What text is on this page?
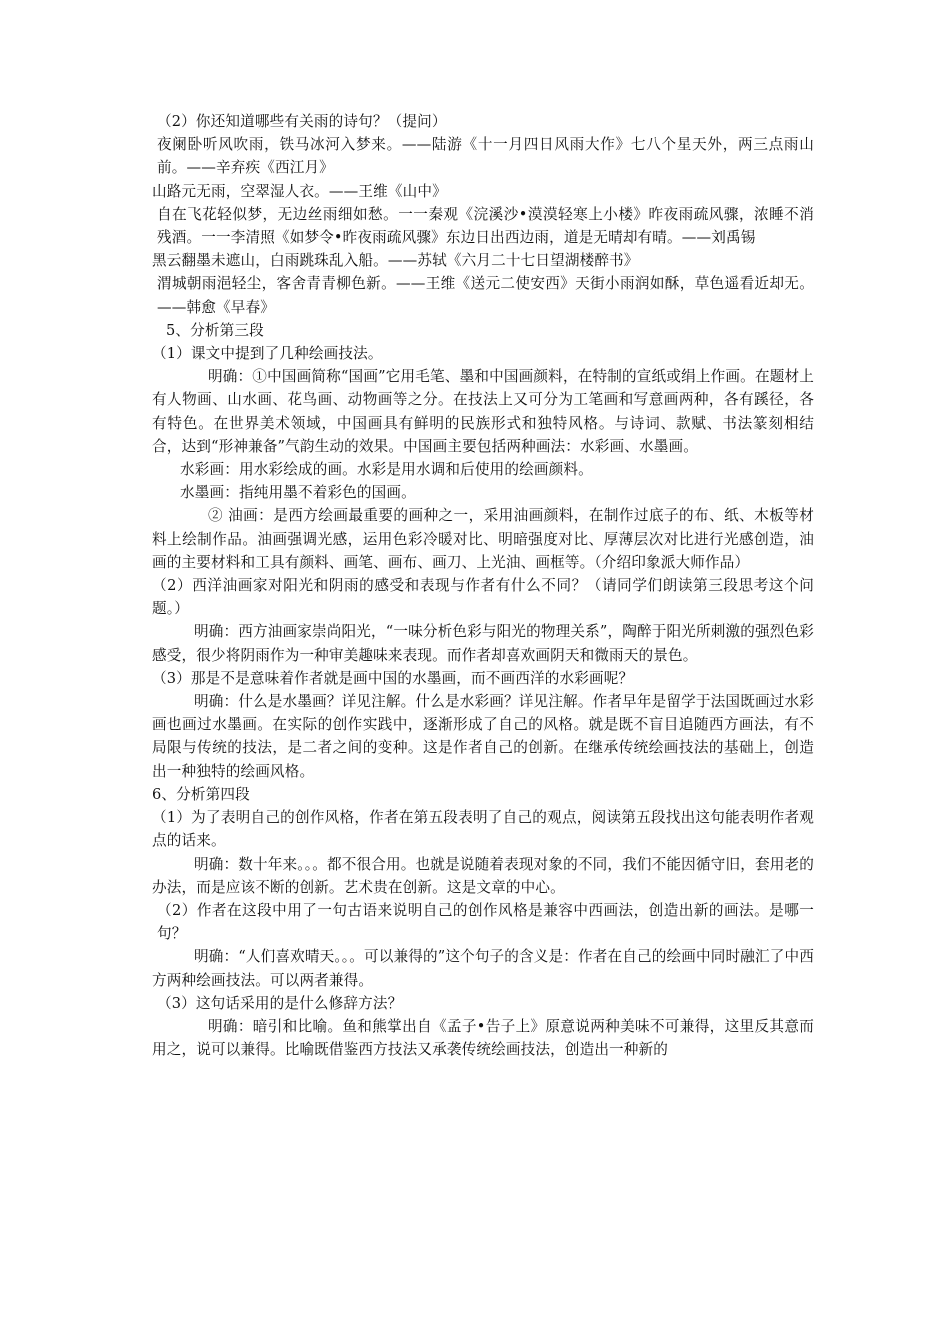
（2）你还知道哪些有关雨的诗句？（提问）

夜阑卧听风吹雨，铁马冰河入梦来。——陆游《十一月四日风雨大作》七八个星天外，两三点雨山前。——辛弃疾《西江月》

山路元无雨，空翠湿人衣。——王维《山中》

自在飞花轻似梦，无边丝雨细如愁。一一秦观《浣溪沙•漠漠轻寒上小楼》昨夜雨疏风骤，浓睡不消残酒。一一李清照《如梦令•昨夜雨疏风骤》东边日出西边雨，道是无晴却有晴。——刘禹锡

黑云翻墨未遮山，白雨跳珠乱入船。——苏轼《六月二十七日望湖楼醉书》

渭城朝雨浥轻尘，客舍青青柳色新。——王维《送元二使安西》天街小雨润如酥，草色遥看近却无。——韩愈《早春》

5、分析第三段

（1）课文中提到了几种绘画技法。

明确：①中国画简称“国画”它用毛笔、墨和中国画颜料，在特制的宣纸或绢上作画。在题材上有人物画、山水画、花鸟画、动物画等之分。在技法上又可分为工笔画和写意画两种，各有蹊径，各有特色。在世界美术领域，中国画具有鲜明的民族形式和独特风格。与诗词、款赋、书法篆刻相结合，达到“形神兼备”气韵生动的效果。中国画主要包括两种画法：水彩画、水墨画。

水彩画：用水彩绘成的画。水彩是用水调和后使用的绘画颜料。

水墨画：指纯用墨不着彩色的国画。

② 油画：是西方绘画最重要的画种之一，采用油画颜料，在制作过底子的布、纸、木板等材料上绘制作品。油画强调光感，运用色彩冷暖对比、明暗强度对比、厚薄层次对比进行光感创造，油画的主要材料和工具有颜料、画笔、画布、画刀、上光油、画框等。（介绍印象派大师作品）

（2）西洋油画家对阳光和阴雨的感受和表现与作者有什么不同？（请同学们朗读第三段思考这个问题。）

明确：西方油画家崇尚阳光，“一味分析色彩与阳光的物理关系”，陶醉于阳光所刺激的强烈色彩感受，很少将阴雨作为一种审美趣味来表现。而作者却喜欢画阴天和微雨天的景色。

（3）那是不是意味着作者就是画中国的水墨画，而不画西洋的水彩画呢？

明确：什么是水墨画？详见注解。什么是水彩画？详见注解。作者早年是留学于法国既画过水彩画也画过水墨画。在实际的创作实践中，逐渐形成了自己的风格。就是既不盲目追随西方画法，有不局限与传统的技法，是二者之间的变种。这是作者自己的创新。在继承传统绘画技法的基础上，创造出一种独特的绘画风格。

6、分析第四段

（1）为了表明自己的创作风格，作者在第五段表明了自己的观点，阅读第五段找出这句能表明作者观点的话来。

明确：数十年来。。。都不很合用。也就是说随着表现对象的不同，我们不能因循守旧，套用老的办法，而是应该不断的创新。艺术贵在创新。这是文章的中心。

（2）作者在这段中用了一句古语来说明自己的创作风格是兼容中西画法，创造出新的画法。是哪一句？

明确：“人们喜欢晴天。。。可以兼得的”这个句子的含义是：作者在自己的绘画中同时融汇了中西方两种绘画技法。可以两者兼得。

（3）这句话采用的是什么修辞方法？

明确：暗引和比喻。鱼和熊掌出自《孟子•告子上》原意说两种美味不可兼得，这里反其意而用之，说可以兼得。比喻既借鉴西方技法又承袭传统绘画技法，创造出一种新的
